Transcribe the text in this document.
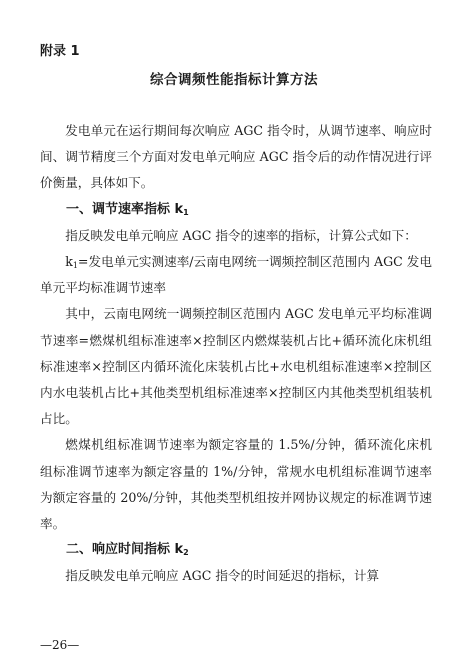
附录 1
综合调频性能指标计算方法

发电单元在运行期间每次响应 AGC 指令时，从调节速率、响应时间、调节精度三个方面对发电单元响应 AGC 指令后的动作情况进行评价衡量，具体如下。

一、调节速率指标 $k_1$

指反映发电单元响应 AGC 指令的速率的指标，计算公式如下：

$k_1=$发电单元实测速率/云南电网统一调频控制区范围内 AGC 发电单元平均标准调节速率

其中，云南电网统一调频控制区范围内 AGC 发电单元平均标准调节速率=燃煤机组标准速率×控制区内燃煤装机占比+循环流化床机组标准速率×控制区内循环流化床装机占比+水电机组标准速率×控制区内水电装机占比+其他类型机组标准速率×控制区内其他类型机组装机占比。

燃煤机组标准调节速率为额定容量的 1.5%/分钟，循环流化床机组标准调节速率为额定容量的 1%/分钟，常规水电机组标准调节速率为额定容量的 20%/分钟，其他类型机组按并网协议规定的标准调节速率。

二、响应时间指标 $k_2$

指反映发电单元响应 AGC 指令的时间延迟的指标，计算

—26—
